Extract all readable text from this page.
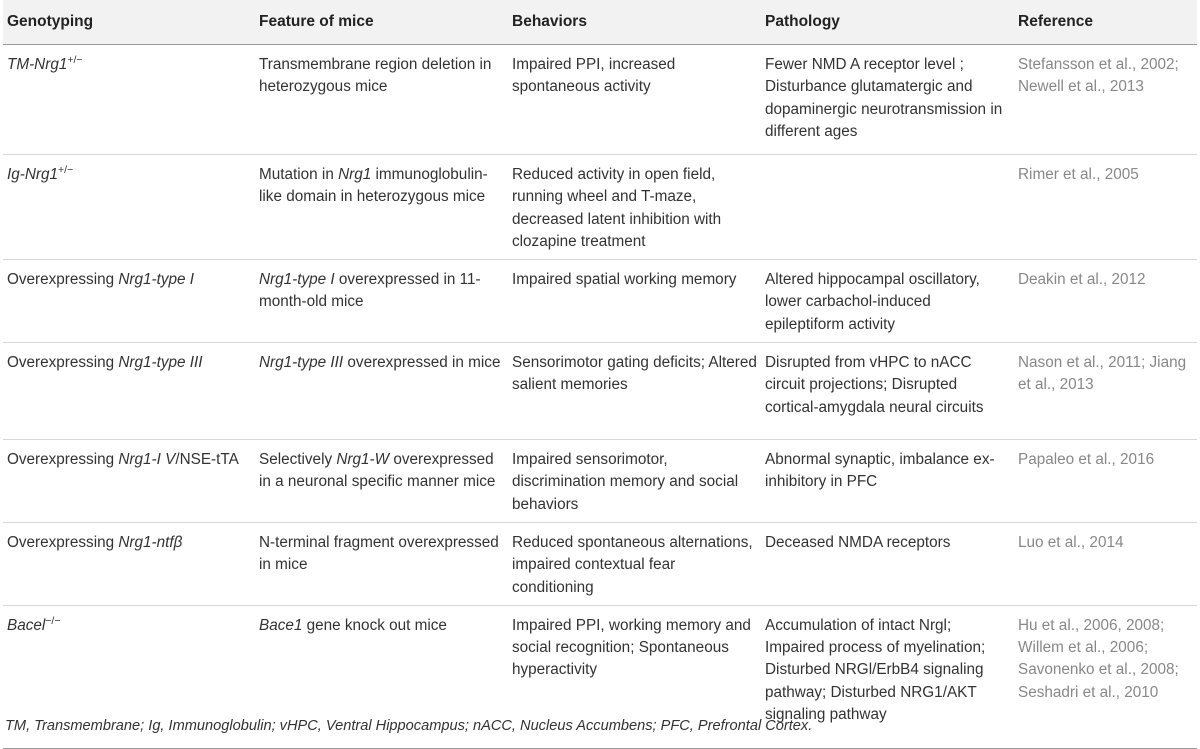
Genotyping	Feature of mice	Behaviors	Pathology	Reference
TM-Nrg1+/−	Transmembrane region deletion in heterozygous mice	Impaired PPI, increased spontaneous activity	Fewer NMD A receptor level ; Disturbance glutamatergic and dopaminergic neurotransmission in different ages	Stefansson et al., 2002; Newell et al., 2013
Ig-Nrg1+/−	Mutation in Nrg1 immunoglobulin-like domain in heterozygous mice	Reduced activity in open field, running wheel and T-maze, decreased latent inhibition with clozapine treatment		Rimer et al., 2005
Overexpressing Nrg1-type I	Nrg1-type I overexpressed in 11-month-old mice	Impaired spatial working memory	Altered hippocampal oscillatory, lower carbachol-induced epileptiform activity	Deakin et al., 2012
Overexpressing Nrg1-type III	Nrg1-type III overexpressed in mice	Sensorimotor gating deficits; Altered salient memories	Disrupted from vHPC to nACC circuit projections; Disrupted cortical-amygdala neural circuits	Nason et al., 2011; Jiang et al., 2013
Overexpressing Nrg1-I V/NSE-tTA	Selectively Nrg1-W overexpressed in a neuronal specific manner mice	Impaired sensorimotor, discrimination memory and social behaviors	Abnormal synaptic, imbalance ex-inhibitory in PFC	Papaleo et al., 2016
Overexpressing Nrg1-ntfβ	N-terminal fragment overexpressed in mice	Reduced spontaneous alternations, impaired contextual fear conditioning	Deceased NMDA receptors	Luo et al., 2014
Bacel−/−	Bace1 gene knock out mice	Impaired PPI, working memory and social recognition; Spontaneous hyperactivity	Accumulation of intact Nrgl; Impaired process of myelination; Disturbed NRGl/ErbB4 signaling pathway; Disturbed NRG1/AKT signaling pathway	Hu et al., 2006, 2008; Willem et al., 2006; Savonenko et al., 2008; Seshadri et al., 2010
TM, Transmembrane; Ig, Immunoglobulin; vHPC, Ventral Hippocampus; nACC, Nucleus Accumbens; PFC, Prefrontal Cortex.
